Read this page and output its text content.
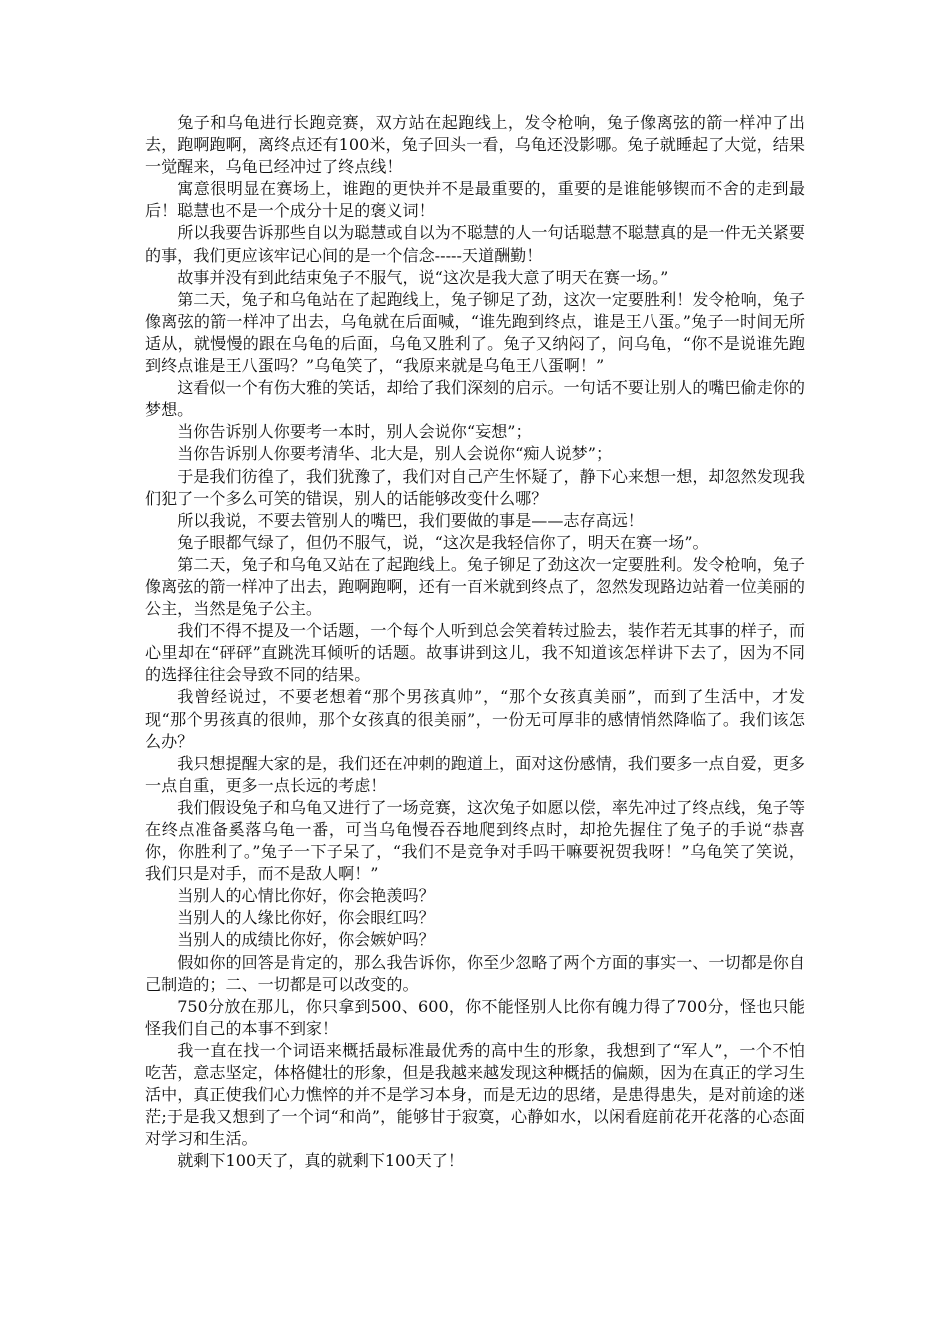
兔子和乌龟进行长跑竞赛，双方站在起跑线上，发令枪响，兔子像离弦的箭一样冲了出去，跑啊跑啊，离终点还有100米，兔子回头一看，乌龟还没影哪。兔子就睡起了大觉，结果一觉醒来，乌龟已经冲过了终点线！

寓意很明显在赛场上，谁跑的更快并不是最重要的，重要的是谁能够锲而不舍的走到最后！聪慧也不是一个成分十足的褒义词！

所以我要告诉那些自以为聪慧或自以为不聪慧的人一句话聪慧不聪慧真的是一件无关紧要的事，我们更应该牢记心间的是一个信念-----天道酬勤！

故事并没有到此结束兔子不服气，说“这次是我大意了明天在赛一场。”

第二天，兔子和乌龟站在了起跑线上，兔子铆足了劲，这次一定要胜利！发令枪响，兔子像离弦的箭一样冲了出去，乌龟就在后面喊，“谁先跑到终点，谁是王八蛋。”兔子一时间无所适从，就慢慢的跟在乌龟的后面，乌龟又胜利了。兔子又纳闷了，问乌龟，“你不是说谁先跑到终点谁是王八蛋吗？”乌龟笑了，“我原来就是乌龟王八蛋啊！”

这看似一个有伤大雅的笑话，却给了我们深刻的启示。一句话不要让别人的嘴巴偷走你的梦想。

当你告诉别人你要考一本时，别人会说你“妄想”；

当你告诉别人你要考清华、北大是，别人会说你“痴人说梦”；

于是我们彷徨了，我们犹豫了，我们对自己产生怀疑了，静下心来想一想，却忽然发现我们犯了一个多么可笑的错误，别人的话能够改变什么哪？

所以我说，不要去管别人的嘴巴，我们要做的事是——志存高远！

兔子眼都气绿了，但仍不服气，说，“这次是我轻信你了，明天在赛一场”。

第二天，兔子和乌龟又站在了起跑线上。兔子铆足了劲这次一定要胜利。发令枪响，兔子像离弦的箭一样冲了出去，跑啊跑啊，还有一百米就到终点了，忽然发现路边站着一位美丽的公主，当然是兔子公主。

我们不得不提及一个话题，一个每个人听到总会笑着转过脸去，装作若无其事的样子，而心里却在“砰砰”直跳洗耳倾听的话题。故事讲到这儿，我不知道该怎样讲下去了，因为不同的选择往往会导致不同的结果。

我曾经说过，不要老想着“那个男孩真帅”，“那个女孩真美丽”，而到了生活中，才发现“那个男孩真的很帅，那个女孩真的很美丽”，一份无可厚非的感情悄然降临了。我们该怎么办？

我只想提醒大家的是，我们还在冲刺的跑道上，面对这份感情，我们要多一点自爱，更多一点自重，更多一点长远的考虑！

我们假设兔子和乌龟又进行了一场竞赛，这次兔子如愿以偿，率先冲过了终点线，兔子等在终点准备奚落乌龟一番，可当乌龟慢吞吞地爬到终点时，却抢先握住了兔子的手说“恭喜你，你胜利了。”兔子一下子呆了，“我们不是竞争对手吗干嘛要祝贺我呀！”乌龟笑了笑说，我们只是对手，而不是敌人啊！”

当别人的心情比你好，你会艳羡吗？

当别人的人缘比你好，你会眼红吗？

当别人的成绩比你好，你会嫉妒吗？

假如你的回答是肯定的，那么我告诉你，你至少忽略了两个方面的事实一、一切都是你自己制造的；二、一切都是可以改变的。

750分放在那儿，你只拿到500、600，你不能怪别人比你有魄力得了700分，怪也只能怪我们自己的本事不到家！

我一直在找一个词语来概括最标准最优秀的高中生的形象，我想到了“军人”，一个不怕吃苦，意志坚定，体格健壮的形象，但是我越来越发现这种概括的偏颇，因为在真正的学习生活中，真正使我们心力憔悴的并不是学习本身，而是无边的思绪，是患得患失，是对前途的迷茫;于是我又想到了一个词“和尚”，能够甘于寂寞，心静如水，以闲看庭前花开花落的心态面对学习和生活。

就剩下100天了，真的就剩下100天了！
